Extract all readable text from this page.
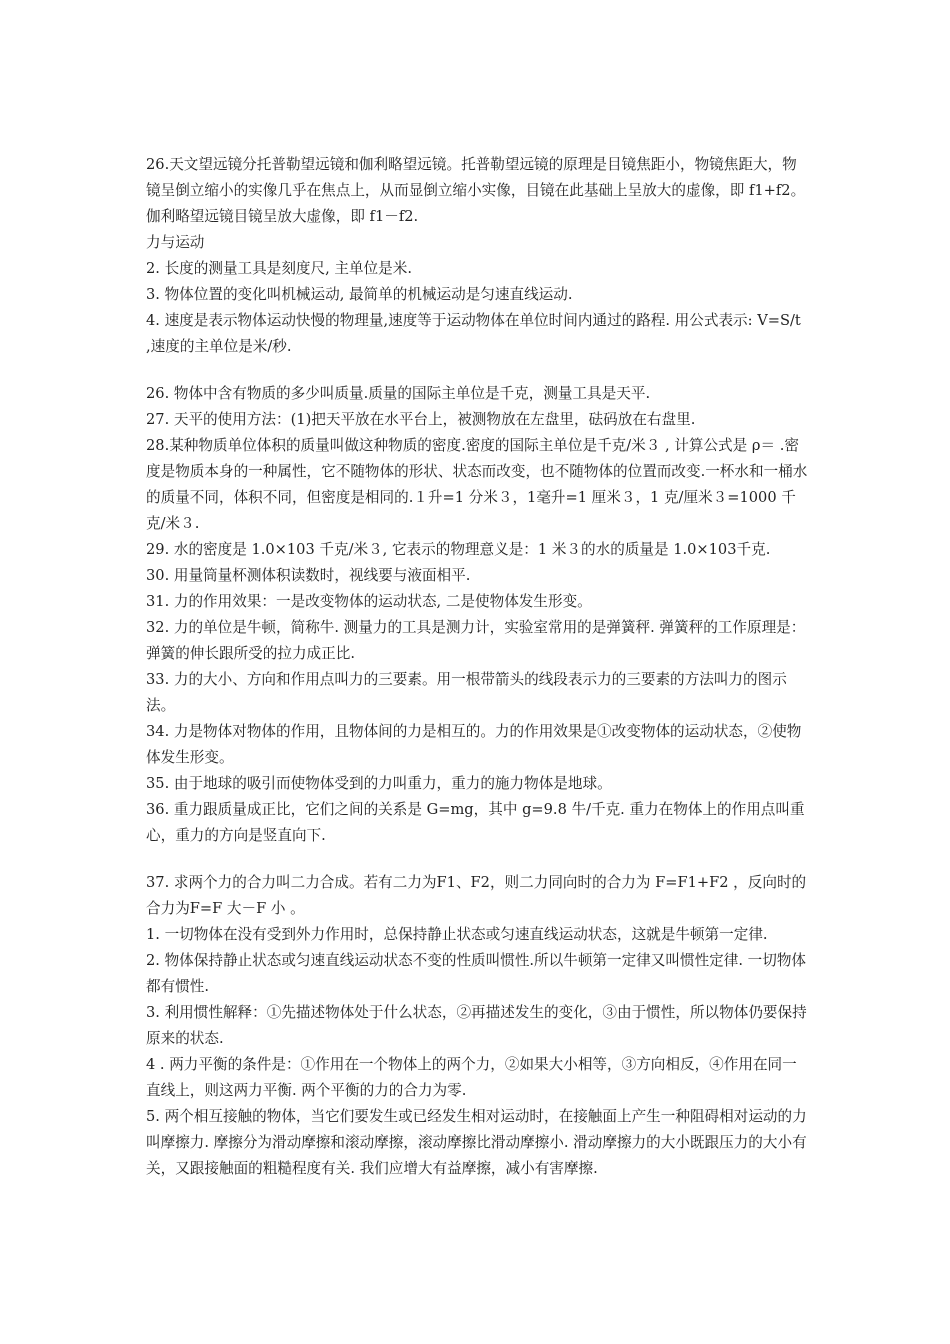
26.天文望远镜分托普勒望远镜和伽利略望远镜。托普勒望远镜的原理是目镜焦距小，物镜焦距大，物镜呈倒立缩小的实像几乎在焦点上，从而显倒立缩小实像，目镜在此基础上呈放大的虚像，即 f1+f2。伽利略望远镜目镜呈放大虚像，即 f1－f2.

力与运动

2. 长度的测量工具是刻度尺, 主单位是米.

3. 物体位置的变化叫机械运动, 最简单的机械运动是匀速直线运动.

4. 速度是表示物体运动快慢的物理量,速度等于运动物体在单位时间内通过的路程. 用公式表示: V=S/t ,速度的主单位是米/秒.

26. 物体中含有物质的多少叫质量.质量的国际主单位是千克，测量工具是天平.

27. 天平的使用方法：(1)把天平放在水平台上，被测物放在左盘里，砝码放在右盘里.

28.某种物质单位体积的质量叫做这种物质的密度.密度的国际主单位是千克/米３ , 计算公式是 ρ＝ .密度是物质本身的一种属性，它不随物体的形状、状态而改变，也不随物体的位置而改变.一杯水和一桶水的质量不同，体积不同，但密度是相同的.１升=1 分米３，1毫升=1 厘米３，1 克/厘米３=1000 千克/米３.

29. 水的密度是 1.0×103 千克/米３, 它表示的物理意义是：1 米３的水的质量是 1.0×103千克.

30. 用量筒量杯测体积读数时，视线要与液面相平.

31. 力的作用效果：一是改变物体的运动状态, 二是使物体发生形变。

32. 力的单位是牛顿，简称牛. 测量力的工具是测力计，实验室常用的是弹簧秤. 弹簧秤的工作原理是：弹簧的伸长跟所受的拉力成正比.

33. 力的大小、方向和作用点叫力的三要素。用一根带箭头的线段表示力的三要素的方法叫力的图示法。

34. 力是物体对物体的作用，且物体间的力是相互的。力的作用效果是①改变物体的运动状态，②使物体发生形变。

35. 由于地球的吸引而使物体受到的力叫重力，重力的施力物体是地球。

36. 重力跟质量成正比，它们之间的关系是 G=mg，其中 g=9.8 牛/千克. 重力在物体上的作用点叫重心，重力的方向是竖直向下.

37. 求两个力的合力叫二力合成。若有二力为F1、F2，则二力同向时的合力为 F=F1+F2 ，反向时的合力为F=F 大－F 小 。

1. 一切物体在没有受到外力作用时，总保持静止状态或匀速直线运动状态，这就是牛顿第一定律.

2. 物体保持静止状态或匀速直线运动状态不变的性质叫惯性.所以牛顿第一定律又叫惯性定律. 一切物体都有惯性.

3. 利用惯性解释：①先描述物体处于什么状态，②再描述发生的变化，③由于惯性，所以物体仍要保持原来的状态.

4 . 两力平衡的条件是：①作用在一个物体上的两个力，②如果大小相等，③方向相反，④作用在同一直线上，则这两力平衡. 两个平衡的力的合力为零.

5. 两个相互接触的物体，当它们要发生或已经发生相对运动时，在接触面上产生一种阻碍相对运动的力叫摩擦力. 摩擦分为滑动摩擦和滚动摩擦，滚动摩擦比滑动摩擦小. 滑动摩擦力的大小既跟压力的大小有关，又跟接触面的粗糙程度有关. 我们应增大有益摩擦，减小有害摩擦.
